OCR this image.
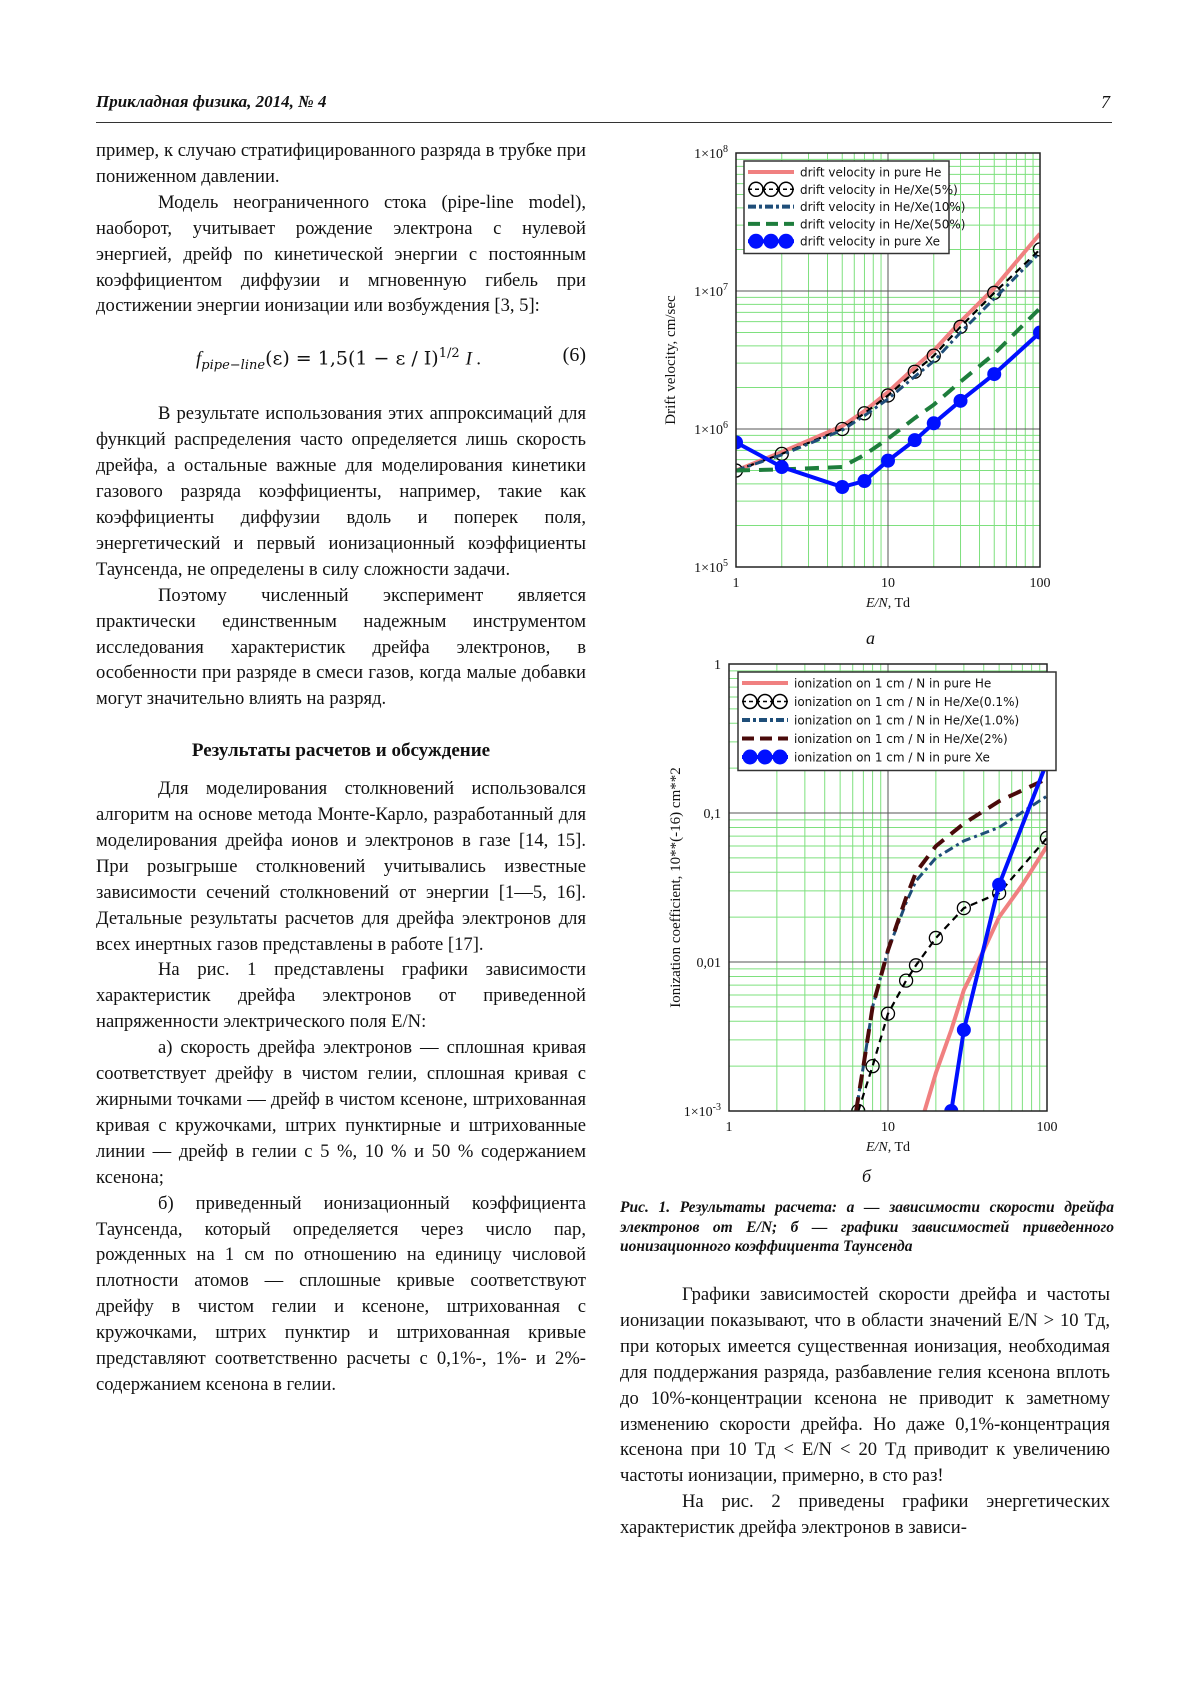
Прикладная физика, 2014, № 4	7

пример, к случаю стратифицированного разряда в трубке при пониженном давлении.

Модель неограниченного стока (pipe-line model), наоборот, учитывает рождение электрона с нулевой энергией, дрейф по кинетической энергии с постоянным коэффициентом диффузии и мгновенную гибель при достижении энергии ионизации или возбуждения [3, 5]:

$f_{pipe-line}(\varepsilon) = 1,5(1 - \varepsilon / I)^{1/2}$ I .	(6)

В результате использования этих аппроксимаций для функций распределения часто определяется лишь скорость дрейфа, а остальные важные для моделирования кинетики газового разряда коэффициенты, например, такие как коэффициенты диффузии вдоль и поперек поля, энергетический и первый ионизационный коэффициенты Таунсенда, не определены в силу сложности задачи.

Поэтому численный эксперимент является практически единственным надежным инструментом исследования характеристик дрейфа электронов, в особенности при разряде в смеси газов, когда малые добавки могут значительно влиять на разряд.

Результаты расчетов и обсуждение

Для моделирования столкновений использовался алгоритм на основе метода Монте-Карло, разработанный для моделирования дрейфа ионов и электронов в газе [14, 15]. При розыгрыше столкновений учитывались известные зависимости сечений столкновений от энергии [1—5, 16]. Детальные результаты расчетов для дрейфа электронов для всех инертных газов представлены в работе [17].

На рис. 1 представлены графики зависимости характеристик дрейфа электронов от приведенной напряженности электрического поля E/N:

а) скорость дрейфа электронов — сплошная кривая соответствует дрейфу в чистом гелии, сплошная кривая с жирными точками — дрейф в чистом ксеноне, штрихованная кривая с кружочками, штрих пунктирные и штрихованные линии — дрейф в гелии с 5 %, 10 % и 50 % содержанием ксенона;

б) приведенный ионизационный коэффициента Таунсенда, который определяется через число пар, рожденных на 1 см по отношению на единицу числовой плотности атомов — сплошные кривые соответствуют дрейфу в чистом гелии и ксеноне, штрихованная с кружочками, штрих пунктир и штрихованная кривые представляют соответственно расчеты с 0,1%-, 1%- и 2%-содержанием ксенона в гелии.

1	10	100
$1\times 10^5$
$1\times 10^6$
$1\times 10^7$
$1\times 10^8$
E/N, Td
Drift velocity, cm/sec
drift velocity in pure He
drift velocity in He/Xe(5%)
drift velocity in He/Xe(10%)
drift velocity in He/Xe(50%)
drift velocity in pure Xe
а
1	10	100
$1\times 10^{-3}$
0,01
0,1
1
E/N, Td
Ionization coefficient, 10**(-16) cm**2
ionization on 1 cm / N in pure He
ionization on 1 cm / N in He/Xe(0.1%)
ionization on 1 cm / N in He/Xe(1.0%)
ionization on 1 cm / N in He/Xe(2%)
ionization on 1 cm / N in pure Xe
б
Рис. 1. Результаты расчета: а — зависимости скорости дрейфа электронов от E/N; б — графики зависимостей приведенного ионизационного коэффициента Таунсенда

Графики зависимостей скорости дрейфа и частоты ионизации показывают, что в области значений E/N > 10 Тд, при которых имеется существенная ионизация, необходимая для поддержания разряда, разбавление гелия ксенона вплоть до 10%-концентрации ксенона не приводит к заметному изменению скорости дрейфа. Но даже 0,1%-концентрация ксенона при 10 Тд < E/N < 20 Тд приводит к увеличению частоты ионизации, примерно, в сто раз!

На рис. 2 приведены графики энергетических характеристик дрейфа электронов в зависи-
